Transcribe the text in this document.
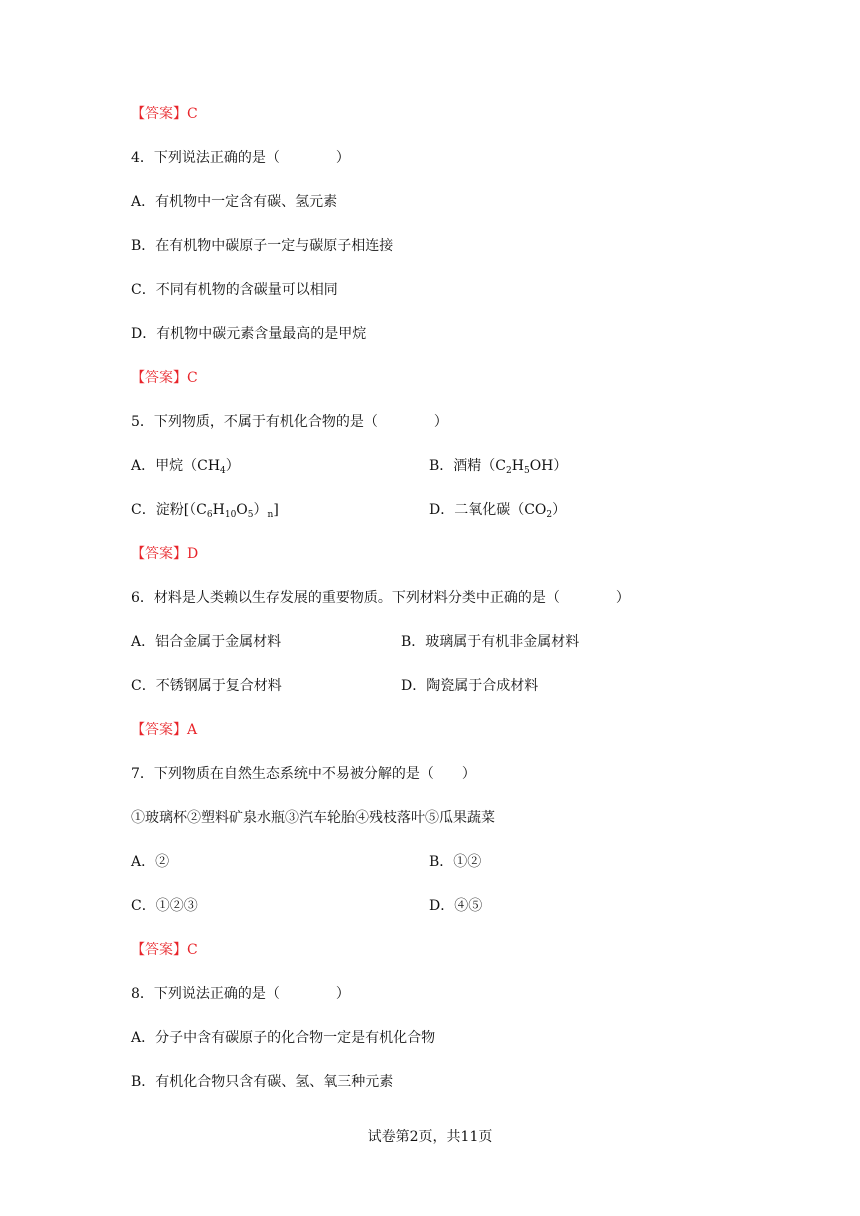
【答案】C
4．下列说法正确的是（　　　　）
A．有机物中一定含有碳、氢元素
B．在有机物中碳原子一定与碳原子相连接
C．不同有机物的含碳量可以相同
D．有机物中碳元素含量最高的是甲烷
【答案】C
5．下列物质，不属于有机化合物的是（　　　　）
A．甲烷$(CH_4)$	B．酒精$(C_2H_5OH)$
C．淀粉$[(C_6H_{10}O_5)_n]$	D．二氧化碳$(CO_2)$
【答案】D
6．材料是人类赖以生存发展的重要物质。下列材料分类中正确的是（　　　　）
A．铝合金属于金属材料	B．玻璃属于有机非金属材料
C．不锈钢属于复合材料	D．陶瓷属于合成材料
【答案】A
7．下列物质在自然生态系统中不易被分解的是（　　）
①玻璃杯②塑料矿泉水瓶③汽车轮胎④残枝落叶⑤瓜果蔬菜
A．②	B．①②
C．①②③	D．④⑤
【答案】C
8．下列说法正确的是（　　　　）
A．分子中含有碳原子的化合物一定是有机化合物
B．有机化合物只含有碳、氢、氧三种元素
试卷第2页，共11页
